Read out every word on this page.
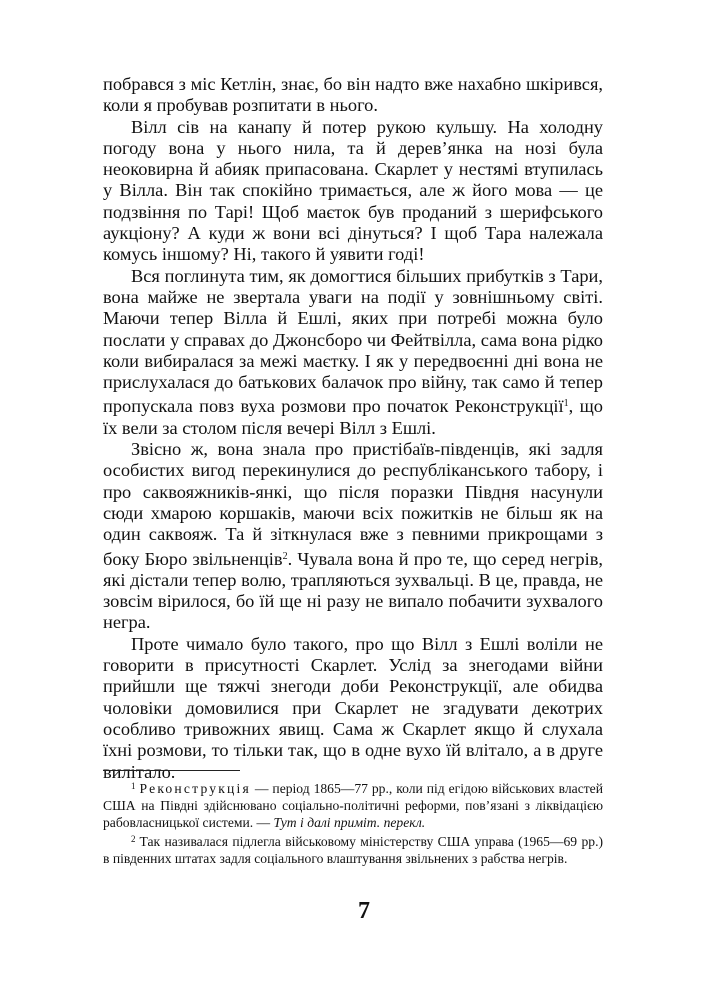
побрався з міс Кетлін, знає, бо він надто вже нахабно шкірився, коли я пробував розпитати в нього.

Вілл сів на канапу й потер рукою кульшу. На холодну погоду вона у нього нила, та й дерев’янка на нозі була неоковирна й абияк припасована. Скарлет у нестямі втупилась у Вілла. Він так спокійно тримається, але ж його мова — це подзвіння по Тарі! Щоб маєток був проданий з шерифського аукціону? А куди ж вони всі дінуться? І щоб Тара належала комусь іншому? Ні, такого й уявити годі!

Вся поглинута тим, як домогтися більших прибутків з Тари, вона майже не звертала уваги на події у зовнішньому світі. Маючи тепер Вілла й Ешлі, яких при потребі можна було послати у справах до Джонсборо чи Фейтвілла, сама вона рідко коли вибиралася за межі маєтку. І як у передвоєнні дні вона не прислухалася до батькових балачок про війну, так само й тепер пропускала повз вуха розмови про початок Реконструкції$^1$, що їх вели за столом після вечері Вілл з Ешлі.

Звісно ж, вона знала про пристібаїв-південців, які задля особистих вигод перекинулися до республіканського табору, і про саквояжників-янкі, що після поразки Півдня насунули сюди хмарою коршаків, маючи всіх пожитків не більш як на один саквояж. Та й зіткнулася вже з певними прикрощами з боку Бюро звільненців$^2$. Чувала вона й про те, що серед негрів, які дістали тепер волю, трапляються зухвальці. В це, правда, не зовсім вірилося, бо їй ще ні разу не випало побачити зухвалого негра.

Проте чимало було такого, про що Вілл з Ешлі воліли не говорити в присутності Скарлет. Услід за знегодами війни прийшли ще тяжчі знегоди доби Реконструкції, але обидва чоловіки домовилися при Скарлет не згадувати декотрих особливо тривожних явищ. Сама ж Скарлет якщо й слухала їхні розмови, то тільки так, що в одне вухо їй влітало, а в друге вилітало.

$^1$ Реконструкція — період 1865—77 рр., коли під егідою військових властей США на Півдні здійснювано соціально-політичні реформи, пов’язані з ліквідацією рабовласницької системи. — Тут і далі приміт. перекл.

$^2$ Так називалася підлегла військовому міністерству США управа (1965—69 рр.) в південних штатах задля соціального влаштування звільнених з рабства негрів.

7
